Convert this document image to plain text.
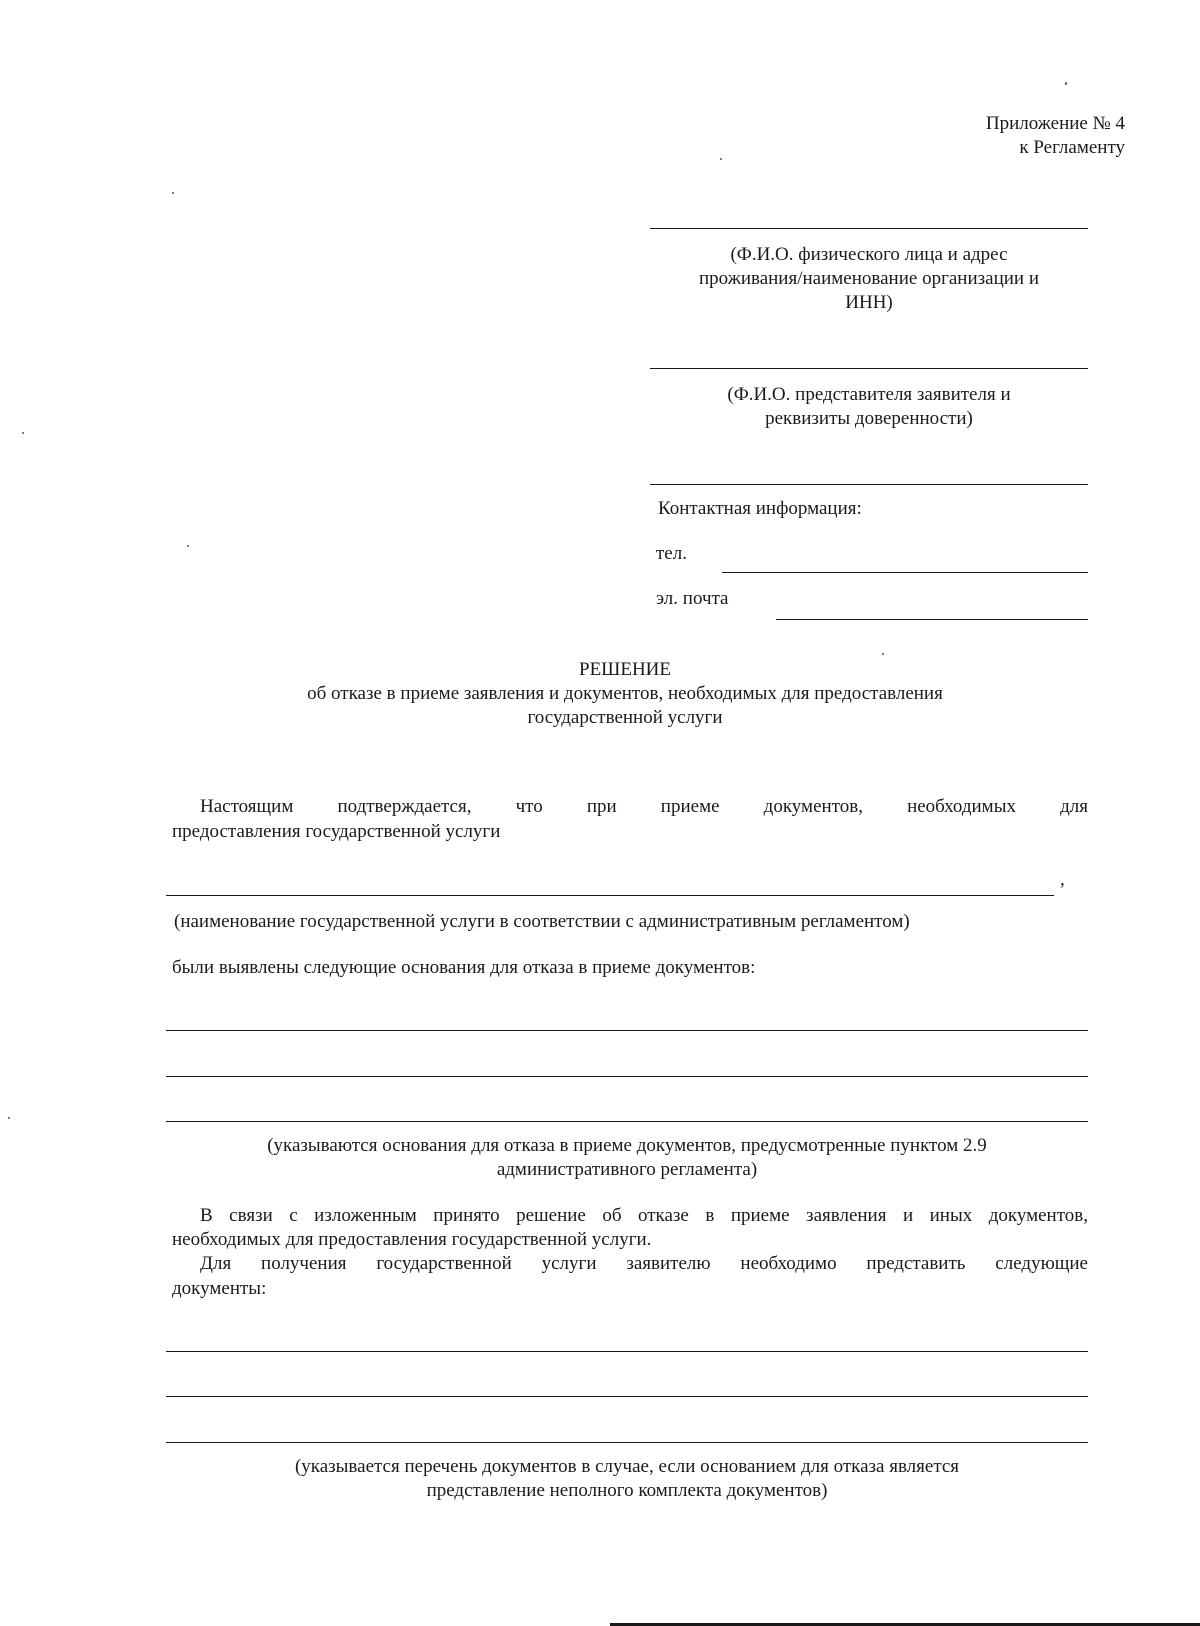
Приложение № 4
к Регламенту
(Ф.И.О. физического лица и адрес
проживания/наименование организации и
ИНН)
(Ф.И.О. представителя заявителя и
реквизиты доверенности)
Контактная информация:
тел.
эл. почта
РЕШЕНИЕ
об отказе в приеме заявления и документов, необходимых для предоставления
государственной услуги
Настоящим подтверждается, что при приеме документов, необходимых для
предоставления государственной услуги
,
(наименование государственной услуги в соответствии с административным регламентом)
были выявлены следующие основания для отказа в приеме документов:
(указываются основания для отказа в приеме документов, предусмотренные пунктом 2.9
административного регламента)
В связи с изложенным принято решение об отказе в приеме заявления и иных документов,
необходимых для предоставления государственной услуги.
Для получения государственной услуги заявителю необходимо представить следующие
документы:
(указывается перечень документов в случае, если основанием для отказа является
представление неполного комплекта документов)
